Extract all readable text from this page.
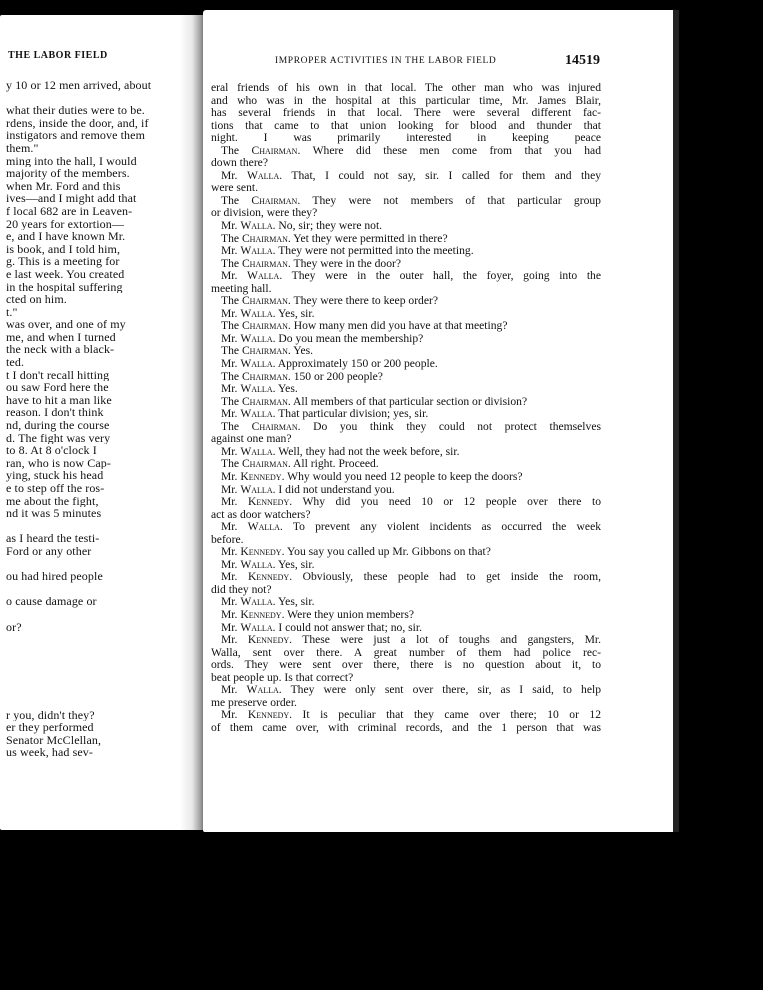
THE LABOR FIELD
y 10 or 12 men arrived, about

what their duties were to be.
rdens, inside the door, and, if
instigators and remove them
them."
ming into the hall, I would
majority of the members.
when Mr. Ford and this
ives—and I might add that
f local 682 are in Leaven-
20 years for extortion—
e, and I have known Mr.
is book, and I told him,
g. This is a meeting for
e last week. You created
in the hospital suffering
cted on him.
t."
was over, and one of my
me, and when I turned
the neck with a black-
ted.
t I don't recall hitting
ou saw Ford here the
have to hit a man like
reason. I don't think
nd, during the course
d. The fight was very
to 8. At 8 o'clock I
ran, who is now Cap-
ying, stuck his head
e to step off the ros-
me about the fight,
nd it was 5 minutes

as I heard the testi-
Ford or any other

ou had hired people

o cause damage or

or?

r you, didn't they?
er they performed
Senator McClellan,
us week, had sev-
IMPROPER ACTIVITIES IN THE LABOR FIELD	14519
eral friends of his own in that local. The other man who was injured
and who was in the hospital at this particular time, Mr. James Blair,
has several friends in that local. There were several different fac-
tions that came to that union looking for blood and thunder that
night. I was primarily interested in keeping peace
The Chairman. Where did these men come from that you had
down there?
Mr. Walla. That, I could not say, sir. I called for them and they
were sent.
The Chairman. They were not members of that particular group
or division, were they?
Mr. Walla. No, sir; they were not.
The Chairman. Yet they were permitted in there?
Mr. Walla. They were not permitted into the meeting.
The Chairman. They were in the door?
Mr. Walla. They were in the outer hall, the foyer, going into the
meeting hall.
The Chairman. They were there to keep order?
Mr. Walla. Yes, sir.
The Chairman. How many men did you have at that meeting?
Mr. Walla. Do you mean the membership?
The Chairman. Yes.
Mr. Walla. Approximately 150 or 200 people.
The Chairman. 150 or 200 people?
Mr. Walla. Yes.
The Chairman. All members of that particular section or division?
Mr. Walla. That particular division; yes, sir.
The Chairman. Do you think they could not protect themselves
against one man?
Mr. Walla. Well, they had not the week before, sir.
The Chairman. All right. Proceed.
Mr. Kennedy. Why would you need 12 people to keep the doors?
Mr. Walla. I did not understand you.
Mr. Kennedy. Why did you need 10 or 12 people over there to
act as door watchers?
Mr. Walla. To prevent any violent incidents as occurred the week
before.
Mr. Kennedy. You say you called up Mr. Gibbons on that?
Mr. Walla. Yes, sir.
Mr. Kennedy. Obviously, these people had to get inside the room,
did they not?
Mr. Walla. Yes, sir.
Mr. Kennedy. Were they union members?
Mr. Walla. I could not answer that; no, sir.
Mr. Kennedy. These were just a lot of toughs and gangsters, Mr.
Walla, sent over there. A great number of them had police rec-
ords. They were sent over there, there is no question about it, to
beat people up. Is that correct?
Mr. Walla. They were only sent over there, sir, as I said, to help
me preserve order.
Mr. Kennedy. It is peculiar that they came over there; 10 or 12
of them came over, with criminal records, and the 1 person that was
